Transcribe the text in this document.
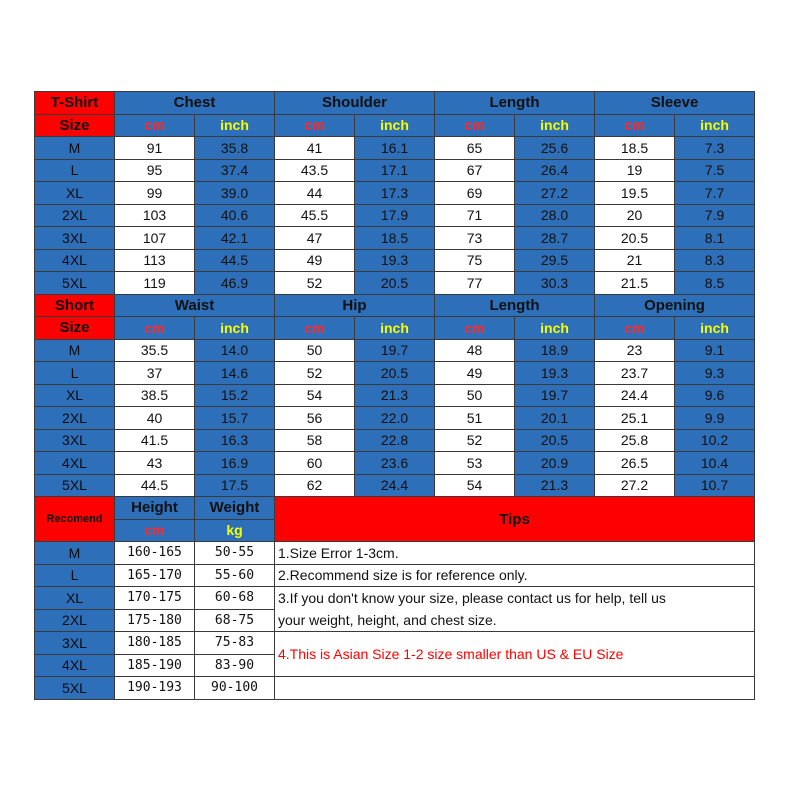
T-Shirt	Chest		Shoulder		Length		Sleeve	
Size	cm	inch	cm	inch	cm	inch	cm	inch
M	91	35.8	41	16.1	65	25.6	18.5	7.3
L	95	37.4	43.5	17.1	67	26.4	19	7.5
XL	99	39.0	44	17.3	69	27.2	19.5	7.7
2XL	103	40.6	45.5	17.9	71	28.0	20	7.9
3XL	107	42.1	47	18.5	73	28.7	20.5	8.1
4XL	113	44.5	49	19.3	75	29.5	21	8.3
5XL	119	46.9	52	20.5	77	30.3	21.5	8.5
Short	Waist		Hip		Length		Opening	
Size	cm	inch	cm	inch	cm	inch	cm	inch
M	35.5	14.0	50	19.7	48	18.9	23	9.1
L	37	14.6	52	20.5	49	19.3	23.7	9.3
XL	38.5	15.2	54	21.3	50	19.7	24.4	9.6
2XL	40	15.7	56	22.0	51	20.1	25.1	9.9
3XL	41.5	16.3	58	22.8	52	20.5	25.8	10.2
4XL	43	16.9	60	23.6	53	20.9	26.5	10.4
5XL	44.5	17.5	62	24.4	54	21.3	27.2	10.7
Recomend	Height	Weight	Tips					
	cm	kg						
M	160-165	50-55	1.Size Error 1-3cm.					
L	165-170	55-60	2.Recommend size is for reference only.					
XL	170-175	60-68	3.If you don't know your size, please contact us for help, tell us					
2XL	175-180	68-75	your weight, height, and chest size.					
3XL	180-185	75-83	4.This is Asian Size 1-2 size smaller than US & EU Size					
4XL	185-190	83-90						
5XL	190-193	90-100						
